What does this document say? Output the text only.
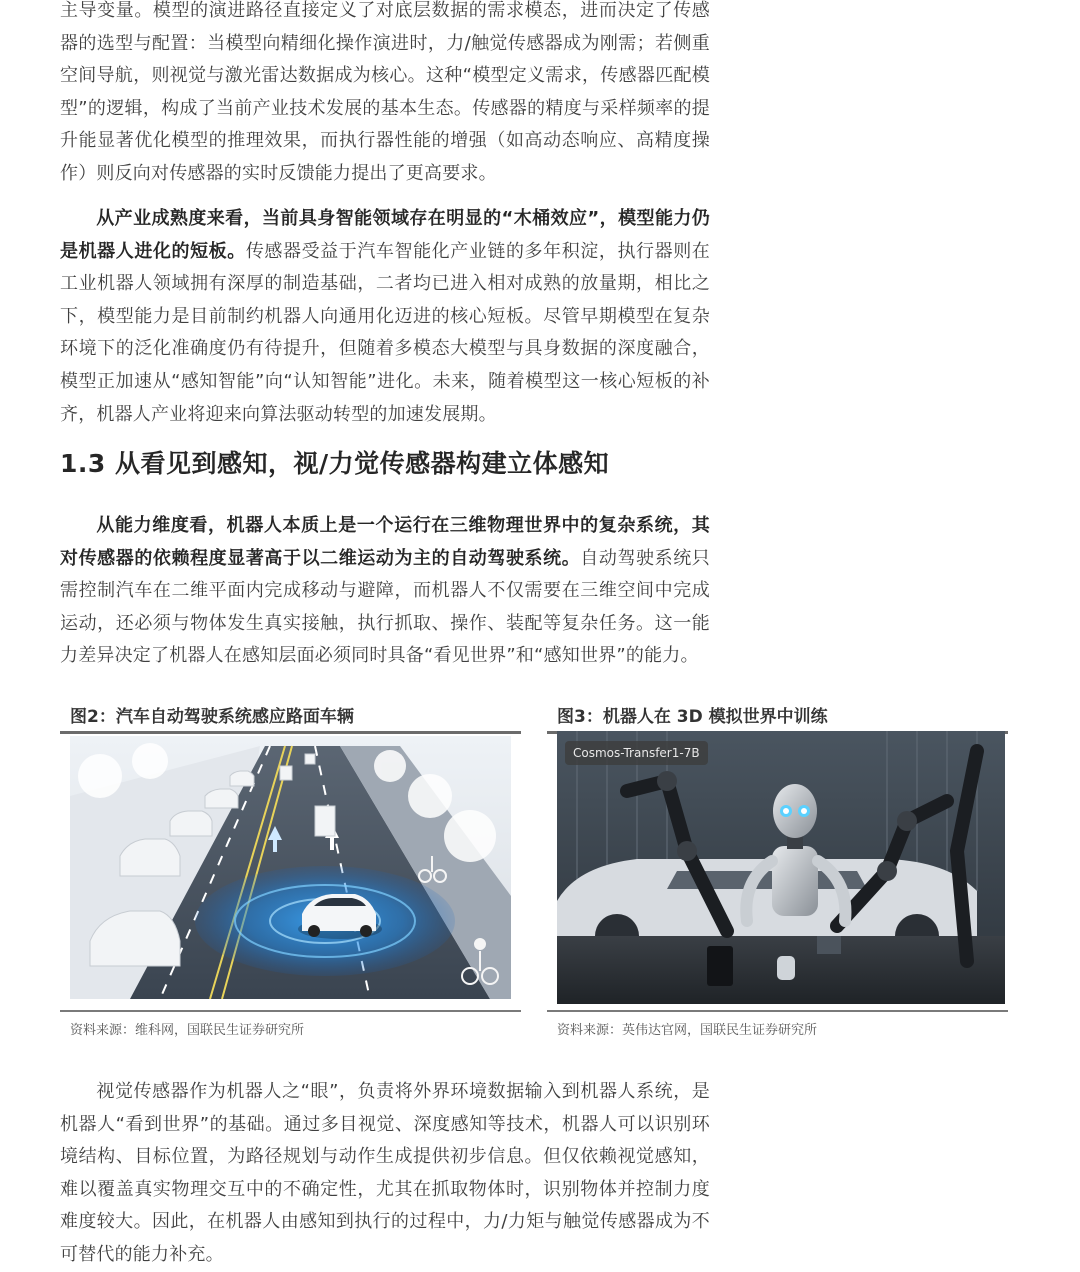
主导变量。模型的演进路径直接定义了对底层数据的需求模态，进而决定了传感器的选型与配置：当模型向精细化操作演进时，力/触觉传感器成为刚需；若侧重空间导航，则视觉与激光雷达数据成为核心。这种“模型定义需求，传感器匹配模型”的逻辑，构成了当前产业技术发展的基本生态。传感器的精度与采样频率的提升能显著优化模型的推理效果，而执行器性能的增强（如高动态响应、高精度操作）则反向对传感器的实时反馈能力提出了更高要求。

从产业成熟度来看，当前具身智能领域存在明显的“木桶效应”，模型能力仍是机器人进化的短板。传感器受益于汽车智能化产业链的多年积淀，执行器则在工业机器人领域拥有深厚的制造基础，二者均已进入相对成熟的放量期，相比之下，模型能力是目前制约机器人向通用化迈进的核心短板。尽管早期模型在复杂环境下的泛化准确度仍有待提升，但随着多模态大模型与具身数据的深度融合，模型正加速从“感知智能”向“认知智能”进化。未来，随着模型这一核心短板的补齐，机器人产业将迎来向算法驱动转型的加速发展期。

1.3 从看见到感知，视/力觉传感器构建立体感知

从能力维度看，机器人本质上是一个运行在三维物理世界中的复杂系统，其对传感器的依赖程度显著高于以二维运动为主的自动驾驶系统。自动驾驶系统只需控制汽车在二维平面内完成移动与避障，而机器人不仅需要在三维空间中完成运动，还必须与物体发生真实接触，执行抓取、操作、装配等复杂任务。这一能力差异决定了机器人在感知层面必须同时具备“看见世界”和“感知世界”的能力。

图2：汽车自动驾驶系统感应路面车辆
资料来源：维科网，国联民生证券研究所
图3：机器人在 3D 模拟世界中训练
Cosmos-Transfer1-7B
资料来源：英伟达官网，国联民生证券研究所

视觉传感器作为机器人之“眼”，负责将外界环境数据输入到机器人系统，是机器人“看到世界”的基础。通过多目视觉、深度感知等技术，机器人可以识别环境结构、目标位置，为路径规划与动作生成提供初步信息。但仅依赖视觉感知，难以覆盖真实物理交互中的不确定性，尤其在抓取物体时，识别物体并控制力度难度较大。因此，在机器人由感知到执行的过程中，力/力矩与触觉传感器成为不可替代的能力补充。
